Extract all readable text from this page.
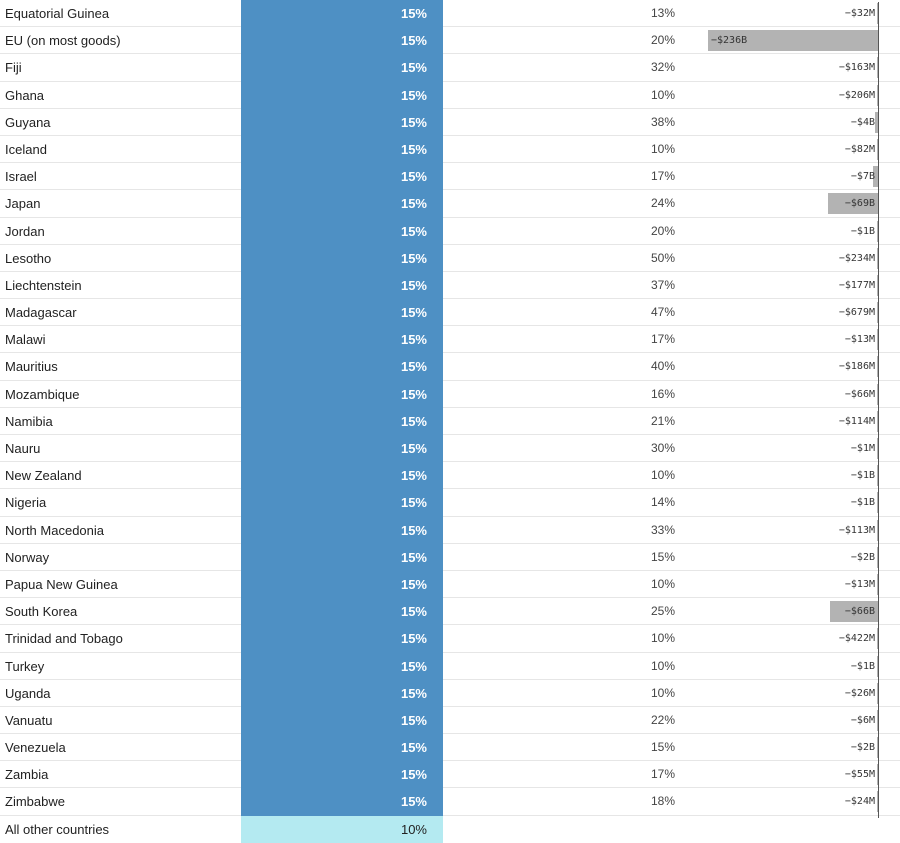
Equatorial Guinea	15%	13%	−$32M
EU (on most goods)	15%	20%	−$236B
Fiji	15%	32%	−$163M
Ghana	15%	10%	−$206M
Guyana	15%	38%	−$4B
Iceland	15%	10%	−$82M
Israel	15%	17%	−$7B
Japan	15%	24%	−$69B
Jordan	15%	20%	−$1B
Lesotho	15%	50%	−$234M
Liechtenstein	15%	37%	−$177M
Madagascar	15%	47%	−$679M
Malawi	15%	17%	−$13M
Mauritius	15%	40%	−$186M
Mozambique	15%	16%	−$66M
Namibia	15%	21%	−$114M
Nauru	15%	30%	−$1M
New Zealand	15%	10%	−$1B
Nigeria	15%	14%	−$1B
North Macedonia	15%	33%	−$113M
Norway	15%	15%	−$2B
Papua New Guinea	15%	10%	−$13M
South Korea	15%	25%	−$66B
Trinidad and Tobago	15%	10%	−$422M
Turkey	15%	10%	−$1B
Uganda	15%	10%	−$26M
Vanuatu	15%	22%	−$6M
Venezuela	15%	15%	−$2B
Zambia	15%	17%	−$55M
Zimbabwe	15%	18%	−$24M
All other countries	10%
